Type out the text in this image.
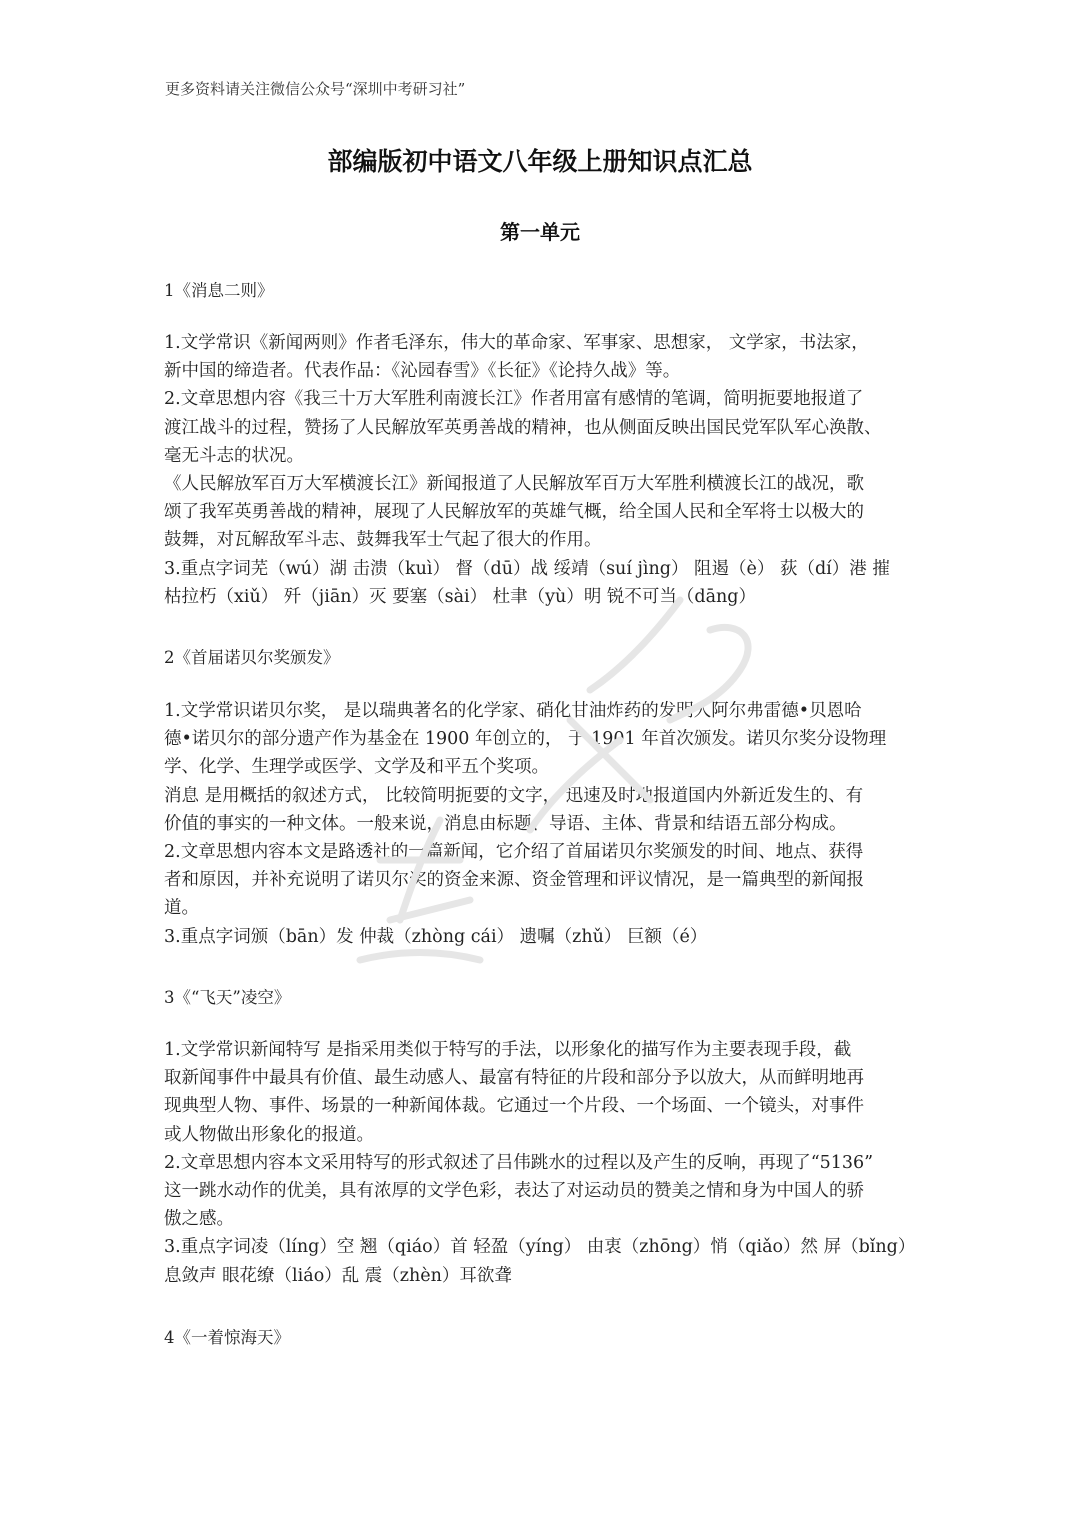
更多资料请关注微信公众号“深圳中考研习社”
部编版初中语文八年级上册知识点汇总
第一单元
1《消息二则》
1.文学常识《新闻两则》作者毛泽东，伟大的革命家、军事家、思想家， 文学家，书法家，
新中国的缔造者。代表作品：《沁园春雪》《长征》《论持久战》等。
2.文章思想内容《我三十万大军胜利南渡长江》作者用富有感情的笔调，简明扼要地报道了
渡江战斗的过程，赞扬了人民解放军英勇善战的精神，也从侧面反映出国民党军队军心涣散、
毫无斗志的状况。
《人民解放军百万大军横渡长江》新闻报道了人民解放军百万大军胜利横渡长江的战况，歌
颂了我军英勇善战的精神，展现了人民解放军的英雄气概，给全国人民和全军将士以极大的
鼓舞，对瓦解敌军斗志、鼓舞我军士气起了很大的作用。
3.重点字词芜（wú）湖 击溃（kuì） 督（dū）战 绥靖（suí jìng） 阻遏（è） 荻（dí）港 摧
枯拉朽（xiǔ） 歼（jiān）灭 要塞（sài） 杜聿（yù）明 锐不可当（dāng）
2《首届诺贝尔奖颁发》
1.文学常识诺贝尔奖， 是以瑞典著名的化学家、硝化甘油炸药的发明人阿尔弗雷德•贝恩哈
德•诺贝尔的部分遗产作为基金在 1900 年创立的， 于 1901 年首次颁发。诺贝尔奖分设物理
学、化学、生理学或医学、文学及和平五个奖项。
消息 是用概括的叙述方式， 比较简明扼要的文字， 迅速及时地报道国内外新近发生的、有
价值的事实的一种文体。一般来说，消息由标题、导语、主体、背景和结语五部分构成。
2.文章思想内容本文是路透社的一篇新闻，它介绍了首届诺贝尔奖颁发的时间、地点、获得
者和原因，并补充说明了诺贝尔奖的资金来源、资金管理和评议情况，是一篇典型的新闻报
道。
3.重点字词颁（bān）发 仲裁（zhòng cái） 遗嘱（zhǔ） 巨额（é）
3《“飞天”凌空》
1.文学常识新闻特写 是指采用类似于特写的手法，以形象化的描写作为主要表现手段，截
取新闻事件中最具有价值、最生动感人、最富有特征的片段和部分予以放大，从而鲜明地再
现典型人物、事件、场景的一种新闻体裁。它通过一个片段、一个场面、一个镜头，对事件
或人物做出形象化的报道。
2.文章思想内容本文采用特写的形式叙述了吕伟跳水的过程以及产生的反响，再现了“5136”
这一跳水动作的优美，具有浓厚的文学色彩，表达了对运动员的赞美之情和身为中国人的骄
傲之感。
3.重点字词凌（líng）空 翘（qiáo）首 轻盈（yíng） 由衷（zhōng）悄（qiǎo）然 屏（bǐng）
息敛声 眼花缭（liáo）乱 震（zhèn）耳欲聋
4《一着惊海天》
